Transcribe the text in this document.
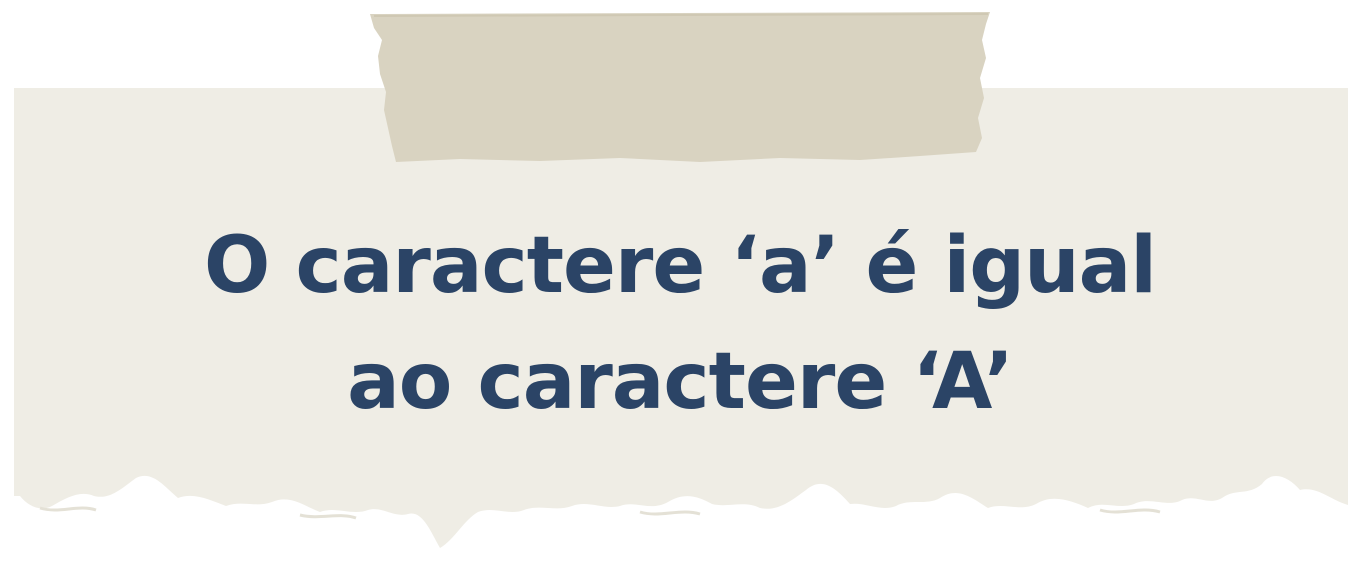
O caractere ‘a’ é igual
ao caractere ‘A’
